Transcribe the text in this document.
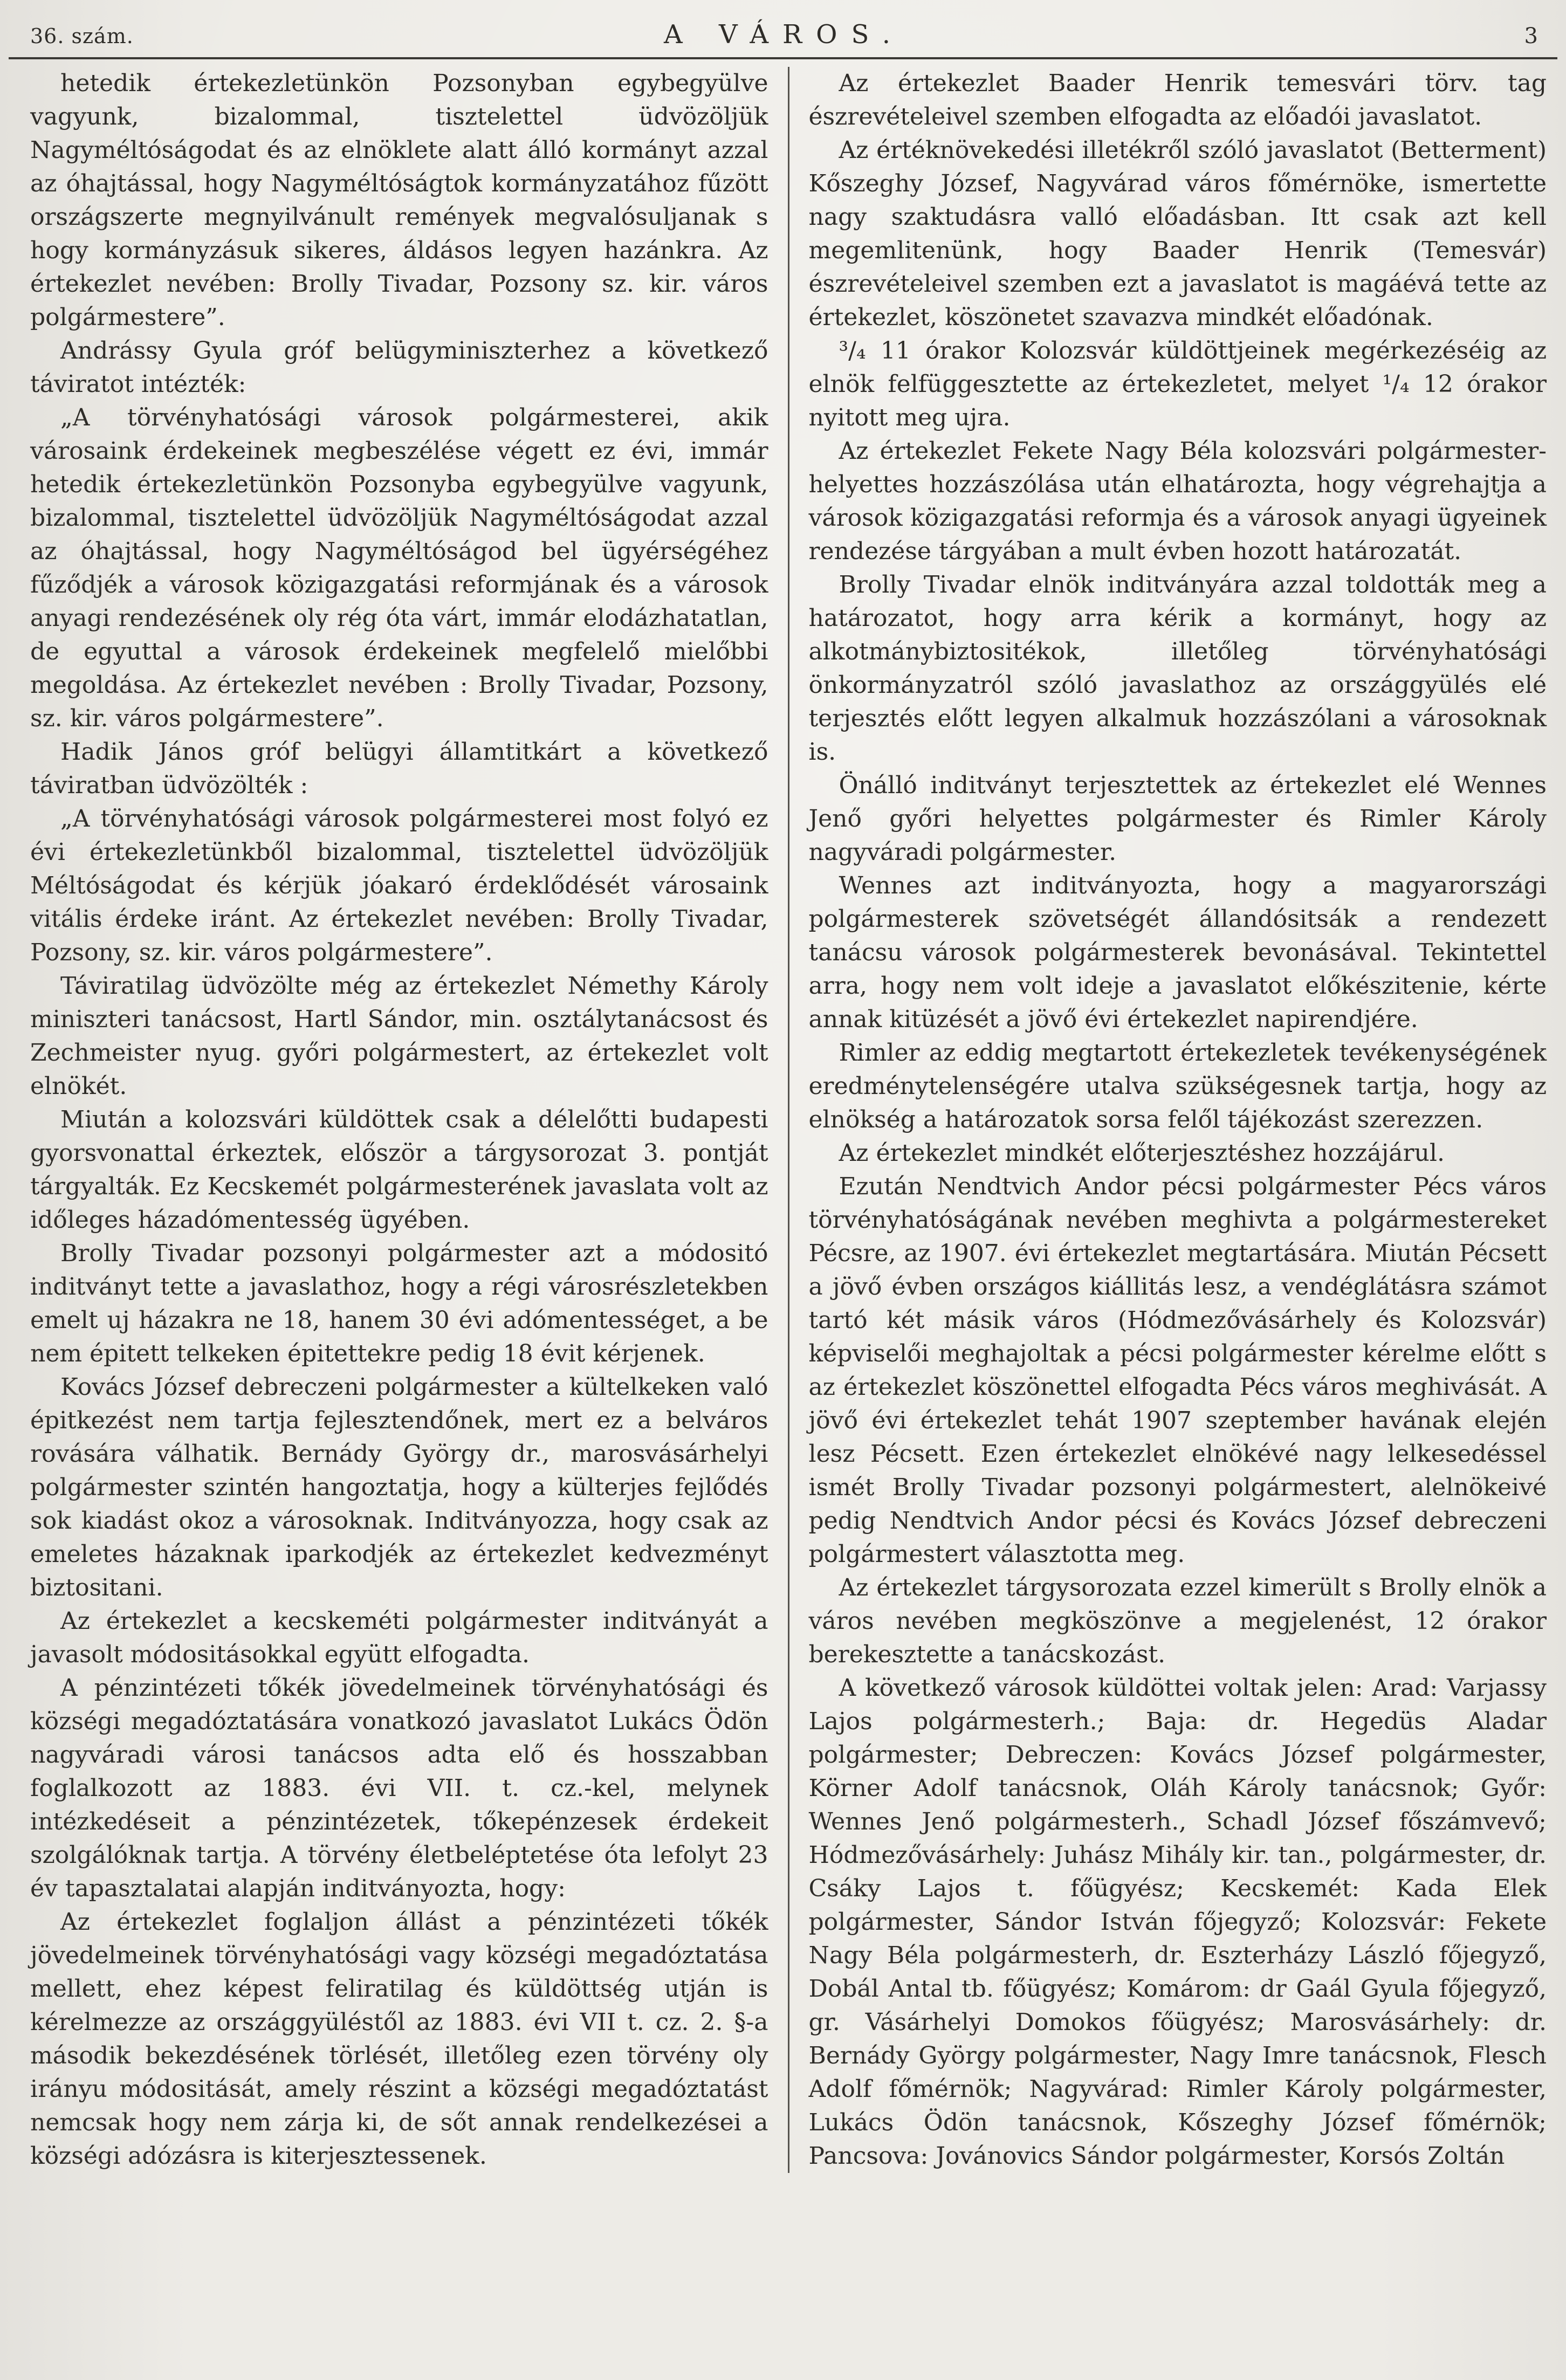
36. szám.	A VÁROS.	3

hetedik értekezletünkön Pozsonyban egybegyülve vagyunk, bizalommal, tisztelettel üdvözöljük Nagyméltóságodat és az elnöklete alatt álló kormányt azzal az óhajtással, hogy Nagyméltóságtok kormányzatához fűzött országszerte megnyilvánult remények megvalósuljanak s hogy kormányzásuk sikeres, áldásos legyen hazánkra. Az értekezlet nevében: Brolly Tivadar, Pozsony sz. kir. város polgármestere”.

Andrássy Gyula gróf belügyminiszterhez a következő táviratot intézték:

„A törvényhatósági városok polgármesterei, akik városaink érdekeinek megbeszélése végett ez évi, immár hetedik értekezletünkön Pozsonyba egybegyülve vagyunk, bizalommal, tisztelettel üdvözöljük Nagyméltóságodat azzal az óhajtással, hogy Nagyméltóságod bel ügyérségéhez fűződjék a városok közigazgatási reformjának és a városok anyagi rendezésének oly rég óta várt, immár elodázhatatlan, de egyuttal a városok érdekeinek megfelelő mielőbbi megoldása. Az értekezlet nevében : Brolly Tivadar, Pozsony, sz. kir. város polgármestere”.

Hadik János gróf belügyi államtitkárt a következő táviratban üdvözölték :

„A törvényhatósági városok polgármesterei most folyó ez évi értekezletünkből bizalommal, tisztelettel üdvözöljük Méltóságodat és kérjük jóakaró érdeklődését városaink vitális érdeke iránt. Az értekezlet nevében: Brolly Tivadar, Pozsony, sz. kir. város polgármestere”.

Táviratilag üdvözölte még az értekezlet Némethy Károly miniszteri tanácsost, Hartl Sándor, min. osztálytanácsost és Zechmeister nyug. győri polgármestert, az értekezlet volt elnökét.

Miután a kolozsvári küldöttek csak a délelőtti budapesti gyorsvonattal érkeztek, először a tárgysorozat 3. pontját tárgyalták. Ez Kecskemét polgármesterének javaslata volt az időleges házadómentesség ügyében.

Brolly Tivadar pozsonyi polgármester azt a módositó inditványt tette a javaslathoz, hogy a régi városrészletekben emelt uj házakra ne 18, hanem 30 évi adómentességet, a be nem épitett telkeken épitettekre pedig 18 évit kérjenek.

Kovács József debreczeni polgármester a kültelkeken való épitkezést nem tartja fejlesztendőnek, mert ez a belváros rovására válhatik. Bernády György dr., marosvásárhelyi polgármester szintén hangoztatja, hogy a külterjes fejlődés sok kiadást okoz a városoknak. Inditványozza, hogy csak az emeletes házaknak iparkodjék az értekezlet kedvezményt biztositani.

Az értekezlet a kecskeméti polgármester inditványát a javasolt módositásokkal együtt elfogadta.

A pénzintézeti tőkék jövedelmeinek törvényhatósági és községi megadóztatására vonatkozó javaslatot Lukács Ödön nagyváradi városi tanácsos adta elő és hosszabban foglalkozott az 1883. évi VII. t. cz.-kel, melynek intézkedéseit a pénzintézetek, tőkepénzesek érdekeit szolgálóknak tartja. A törvény életbeléptetése óta lefolyt 23 év tapasztalatai alapján inditványozta, hogy:

Az értekezlet foglaljon állást a pénzintézeti tőkék jövedelmeinek törvényhatósági vagy községi megadóztatása mellett, ehez képest feliratilag és küldöttség utján is kérelmezze az országgyüléstől az 1883. évi VII t. cz. 2. §-a második bekezdésének törlését, illetőleg ezen törvény oly irányu módositását, amely részint a községi megadóztatást nemcsak hogy nem zárja ki, de sőt annak rendelkezései a községi adózásra is kiterjesztessenek.

Az értekezlet Baader Henrik temesvári törv. tag észrevételeivel szemben elfogadta az előadói javaslatot.

Az értéknövekedési illetékről szóló javaslatot (Betterment) Kőszeghy József, Nagyvárad város főmérnöke, ismertette nagy szaktudásra valló előadásban. Itt csak azt kell megemlitenünk, hogy Baader Henrik (Temesvár) észrevételeivel szemben ezt a javaslatot is magáévá tette az értekezlet, köszönetet szavazva mindkét előadónak.

³/₄ 11 órakor Kolozsvár küldöttjeinek megérkezéséig az elnök felfüggesztette az értekezletet, melyet ¹/₄ 12 órakor nyitott meg ujra.

Az értekezlet Fekete Nagy Béla kolozsvári polgármester-helyettes hozzászólása után elhatározta, hogy végrehajtja a városok közigazgatási reformja és a városok anyagi ügyeinek rendezése tárgyában a mult évben hozott határozatát.

Brolly Tivadar elnök inditványára azzal toldották meg a határozatot, hogy arra kérik a kormányt, hogy az alkotmánybiztositékok, illetőleg törvényhatósági önkormányzatról szóló javaslathoz az országgyülés elé terjesztés előtt legyen alkalmuk hozzászólani a városoknak is.

Önálló inditványt terjesztettek az értekezlet elé Wennes Jenő győri helyettes polgármester és Rimler Károly nagyváradi polgármester.

Wennes azt inditványozta, hogy a magyarországi polgármesterek szövetségét állandósitsák a rendezett tanácsu városok polgármesterek bevonásával. Tekintettel arra, hogy nem volt ideje a javaslatot előkészitenie, kérte annak kitüzését a jövő évi értekezlet napirendjére.

Rimler az eddig megtartott értekezletek tevékenységének eredménytelenségére utalva szükségesnek tartja, hogy az elnökség a határozatok sorsa felől tájékozást szerezzen.

Az értekezlet mindkét előterjesztéshez hozzájárul.

Ezután Nendtvich Andor pécsi polgármester Pécs város törvényhatóságának nevében meghivta a polgármestereket Pécsre, az 1907. évi értekezlet megtartására. Miután Pécsett a jövő évben országos kiállitás lesz, a vendéglátásra számot tartó két másik város (Hódmezővásárhely és Kolozsvár) képviselői meghajoltak a pécsi polgármester kérelme előtt s az értekezlet köszönettel elfogadta Pécs város meghivását. A jövő évi értekezlet tehát 1907 szeptember havának elején lesz Pécsett. Ezen értekezlet elnökévé nagy lelkesedéssel ismét Brolly Tivadar pozsonyi polgármestert, alelnökeivé pedig Nendtvich Andor pécsi és Kovács József debreczeni polgármestert választotta meg.

Az értekezlet tárgysorozata ezzel kimerült s Brolly elnök a város nevében megköszönve a megjelenést, 12 órakor berekesztette a tanácskozást.

A következő városok küldöttei voltak jelen: Arad: Varjassy Lajos polgármesterh.; Baja: dr. Hegedüs Aladar polgármester; Debreczen: Kovács József polgármester, Körner Adolf tanácsnok, Oláh Károly tanácsnok; Győr: Wennes Jenő polgármesterh., Schadl József főszámvevő; Hódmezővásárhely: Juhász Mihály kir. tan., polgármester, dr. Csáky Lajos t. főügyész; Kecskemét: Kada Elek polgármester, Sándor István főjegyző; Kolozsvár: Fekete Nagy Béla polgármesterh, dr. Eszterházy László főjegyző, Dobál Antal tb. főügyész; Komárom: dr Gaál Gyula főjegyző, gr. Vásárhelyi Domokos főügyész; Marosvásárhely: dr. Bernády György polgármester, Nagy Imre tanácsnok, Flesch Adolf főmérnök; Nagyvárad: Rimler Károly polgármester, Lukács Ödön tanácsnok, Kőszeghy József főmérnök; Pancsova: Jovánovics Sándor polgármester, Korsós Zoltán
